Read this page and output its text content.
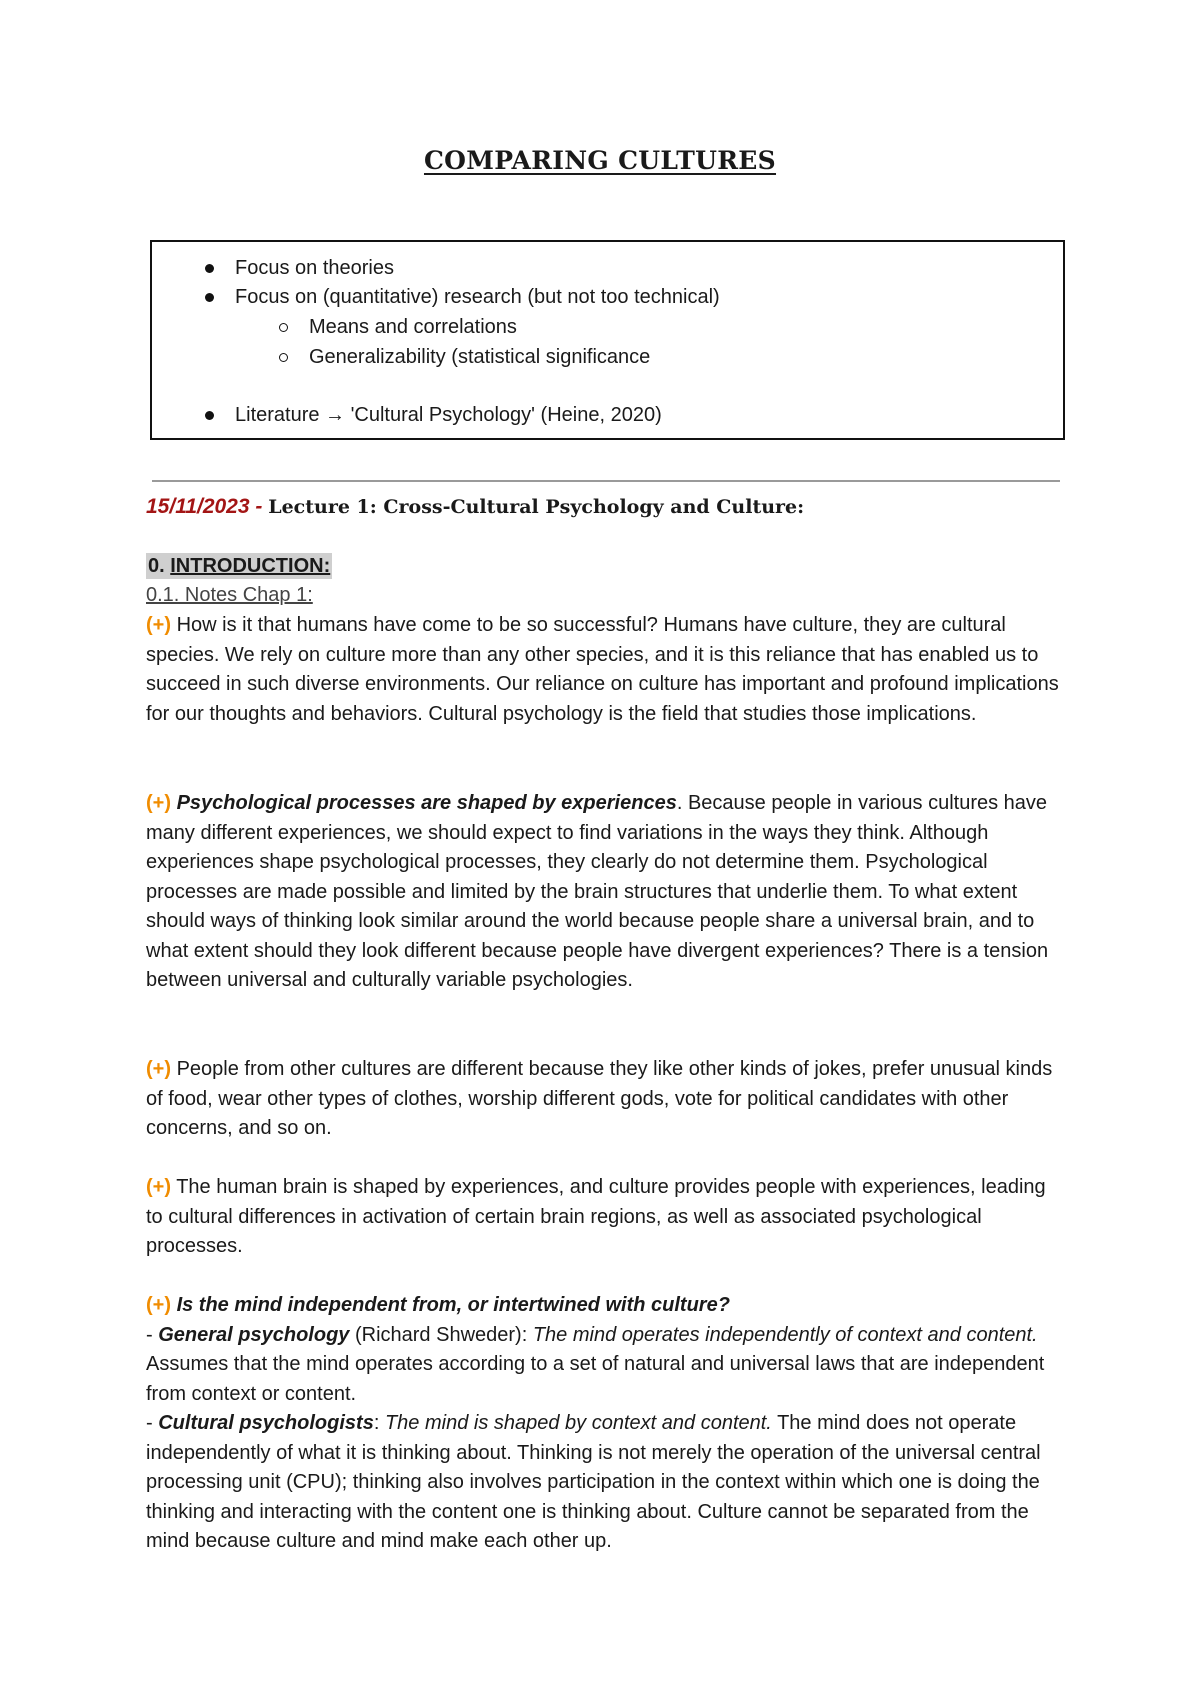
COMPARING CULTURES
Focus on theories
Focus on (quantitative) research (but not too technical)
Means and correlations
Generalizability (statistical significance
Literature → 'Cultural Psychology' (Heine, 2020)
15/11/2023 - Lecture 1: Cross-Cultural Psychology and Culture:
0. INTRODUCTION:
0.1. Notes Chap 1:
(+) How is it that humans have come to be so successful? Humans have culture, they are cultural species. We rely on culture more than any other species, and it is this reliance that has enabled us to succeed in such diverse environments. Our reliance on culture has important and profound implications for our thoughts and behaviors. Cultural psychology is the field that studies those implications.
(+) Psychological processes are shaped by experiences. Because people in various cultures have many different experiences, we should expect to find variations in the ways they think. Although experiences shape psychological processes, they clearly do not determine them. Psychological processes are made possible and limited by the brain structures that underlie them. To what extent should ways of thinking look similar around the world because people share a universal brain, and to what extent should they look different because people have divergent experiences? There is a tension between universal and culturally variable psychologies.
(+) People from other cultures are different because they like other kinds of jokes, prefer unusual kinds of food, wear other types of clothes, worship different gods, vote for political candidates with other concerns, and so on.
(+) The human brain is shaped by experiences, and culture provides people with experiences, leading to cultural differences in activation of certain brain regions, as well as associated psychological processes.
(+) Is the mind independent from, or intertwined with culture?
- General psychology (Richard Shweder): The mind operates independently of context and content. Assumes that the mind operates according to a set of natural and universal laws that are independent from context or content.
- Cultural psychologists: The mind is shaped by context and content. The mind does not operate independently of what it is thinking about. Thinking is not merely the operation of the universal central processing unit (CPU); thinking also involves participation in the context within which one is doing the thinking and interacting with the content one is thinking about. Culture cannot be separated from the mind because culture and mind make each other up.
